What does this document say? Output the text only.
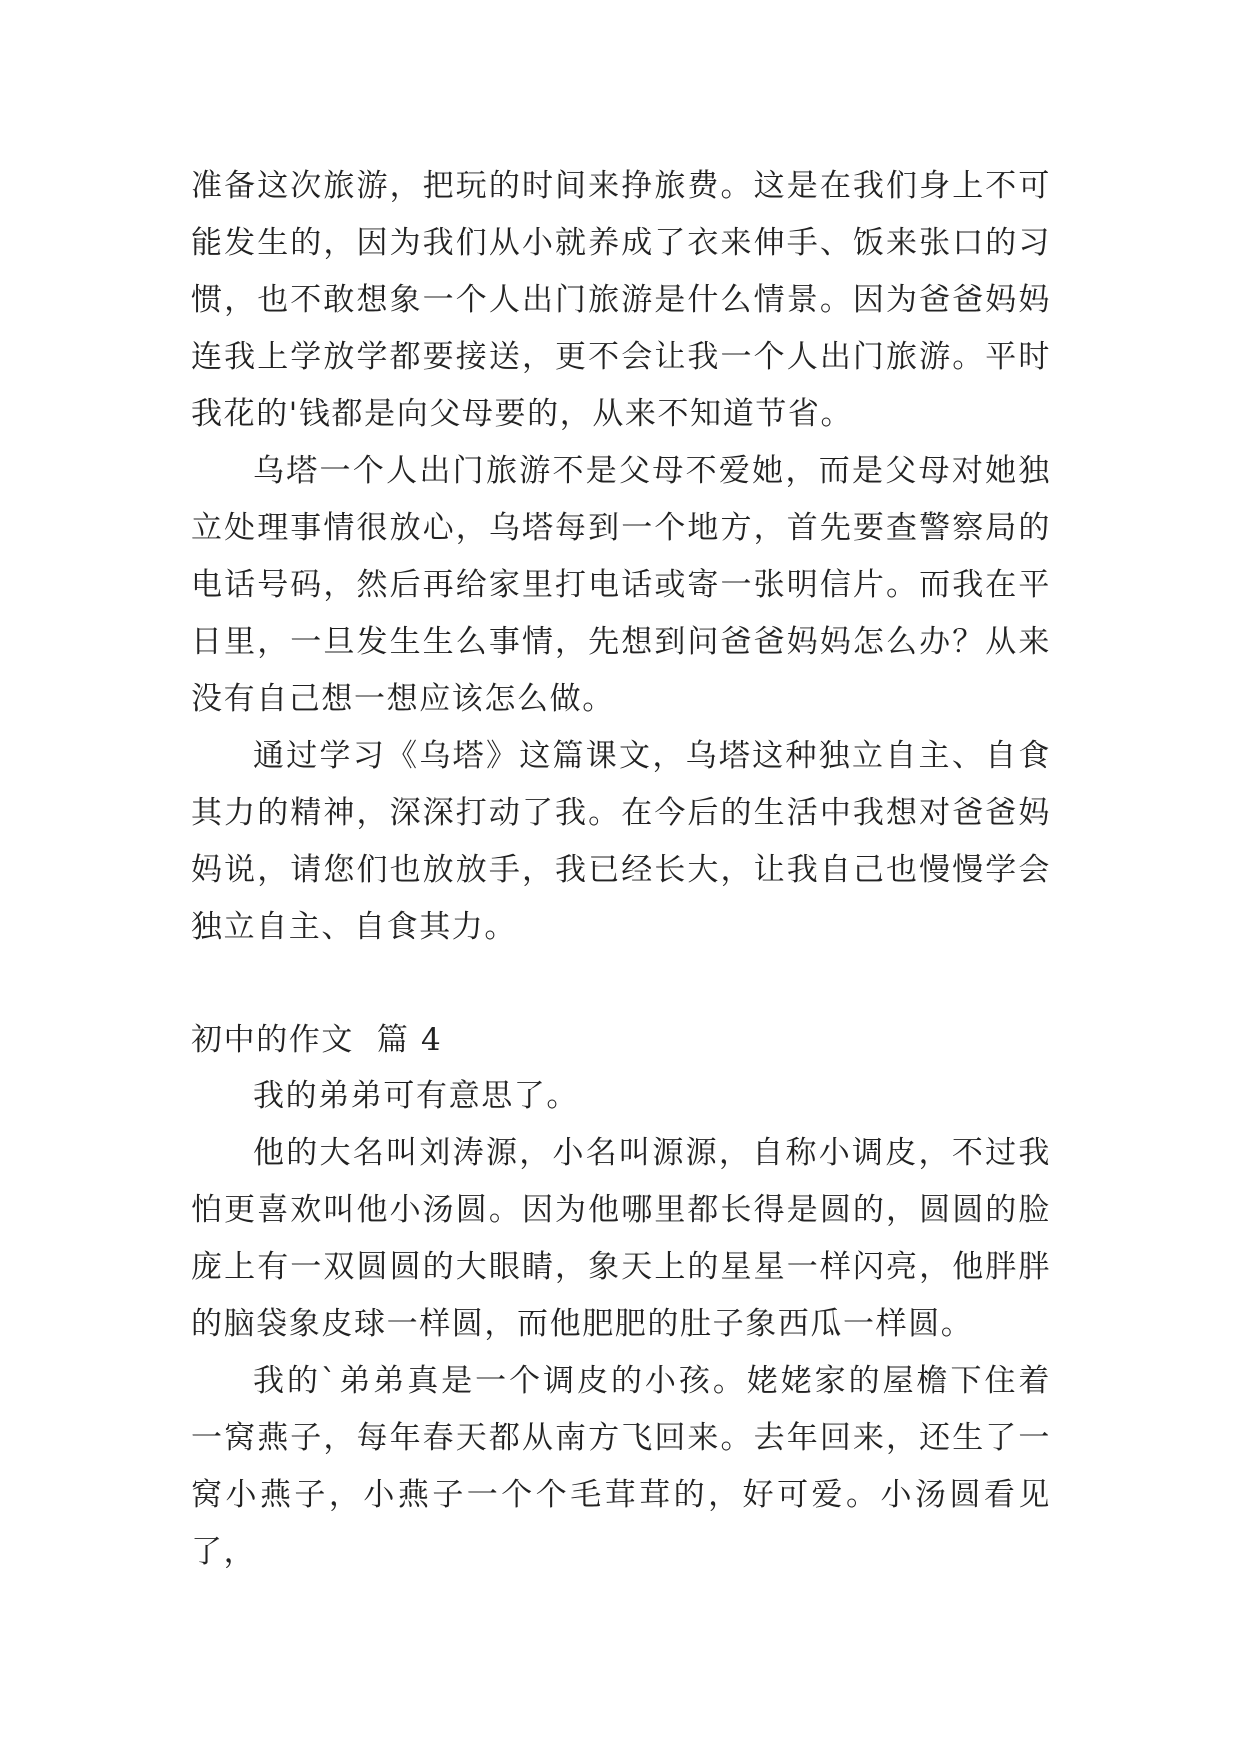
准备这次旅游，把玩的时间来挣旅费。这是在我们身上不可能发生的，因为我们从小就养成了衣来伸手、饭来张口的习惯，也不敢想象一个人出门旅游是什么情景。因为爸爸妈妈连我上学放学都要接送，更不会让我一个人出门旅游。平时我花的'钱都是向父母要的，从来不知道节省。

乌塔一个人出门旅游不是父母不爱她，而是父母对她独立处理事情很放心，乌塔每到一个地方，首先要查警察局的电话号码，然后再给家里打电话或寄一张明信片。而我在平日里，一旦发生生么事情，先想到问爸爸妈妈怎么办？从来没有自己想一想应该怎么做。

通过学习《乌塔》这篇课文，乌塔这种独立自主、自食其力的精神，深深打动了我。在今后的生活中我想对爸爸妈妈说，请您们也放放手，我已经长大，让我自己也慢慢学会独立自主、自食其力。

初中的作文  篇 4

我的弟弟可有意思了。

他的大名叫刘涛源，小名叫源源，自称小调皮，不过我怕更喜欢叫他小汤圆。因为他哪里都长得是圆的，圆圆的脸庞上有一双圆圆的大眼睛，象天上的星星一样闪亮，他胖胖的脑袋象皮球一样圆，而他肥肥的肚子象西瓜一样圆。

我的`弟弟真是一个调皮的小孩。姥姥家的屋檐下住着一窝燕子，每年春天都从南方飞回来。去年回来，还生了一窝小燕子，小燕子一个个毛茸茸的，好可爱。小汤圆看见了，
